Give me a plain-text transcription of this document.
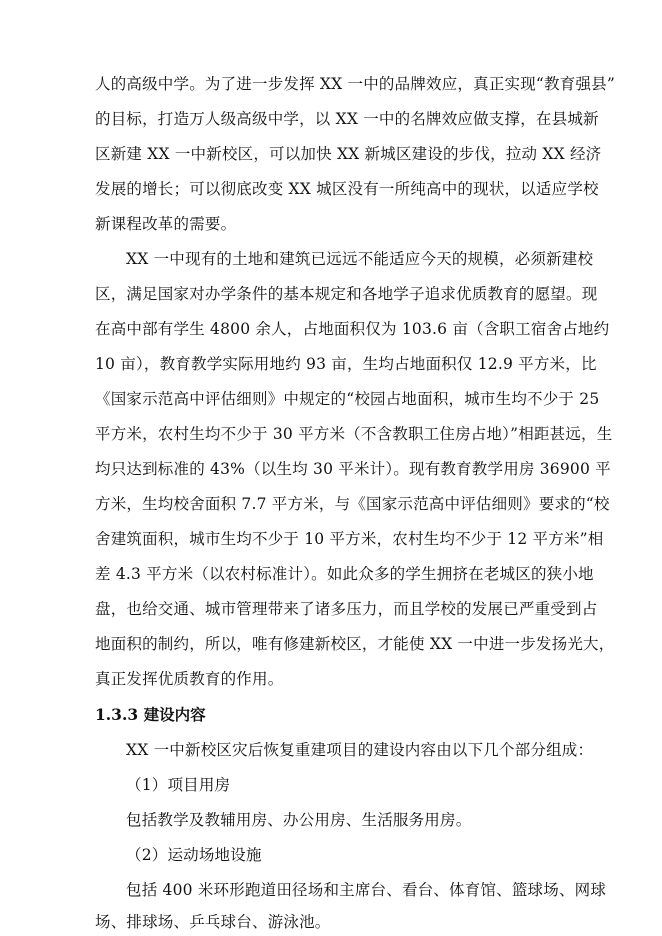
人的高级中学。为了进一步发挥 XX 一中的品牌效应，真正实现“教育强县”
的目标，打造万人级高级中学，以 XX 一中的名牌效应做支撑，在县城新
区新建 XX 一中新校区，可以加快 XX 新城区建设的步伐，拉动 XX 经济
发展的增长；可以彻底改变 XX 城区没有一所纯高中的现状，以适应学校
新课程改革的需要。
XX 一中现有的土地和建筑已远远不能适应今天的规模，必须新建校
区，满足国家对办学条件的基本规定和各地学子追求优质教育的愿望。现
在高中部有学生 4800 余人，占地面积仅为 103.6 亩（含职工宿舍占地约
10 亩），教育教学实际用地约 93 亩，生均占地面积仅 12.9 平方米，比
《国家示范高中评估细则》中规定的“校园占地面积，城市生均不少于 25
平方米，农村生均不少于 30 平方米（不含教职工住房占地）”相距甚远，生
均只达到标准的 43%（以生均 30 平米计）。现有教育教学用房 36900 平
方米，生均校舍面积 7.7 平方米，与《国家示范高中评估细则》要求的“校
舍建筑面积，城市生均不少于 10 平方米，农村生均不少于 12 平方米”相
差 4.3 平方米（以农村标准计）。如此众多的学生拥挤在老城区的狭小地
盘，也给交通、城市管理带来了诸多压力，而且学校的发展已严重受到占
地面积的制约，所以，唯有修建新校区，才能使 XX 一中进一步发扬光大，
真正发挥优质教育的作用。
1.3.3 建设内容
XX 一中新校区灾后恢复重建项目的建设内容由以下几个部分组成：
（1）项目用房
包括教学及教辅用房、办公用房、生活服务用房。
（2）运动场地设施
包括 400 米环形跑道田径场和主席台、看台、体育馆、篮球场、网球
场、排球场、乒乓球台、游泳池。
